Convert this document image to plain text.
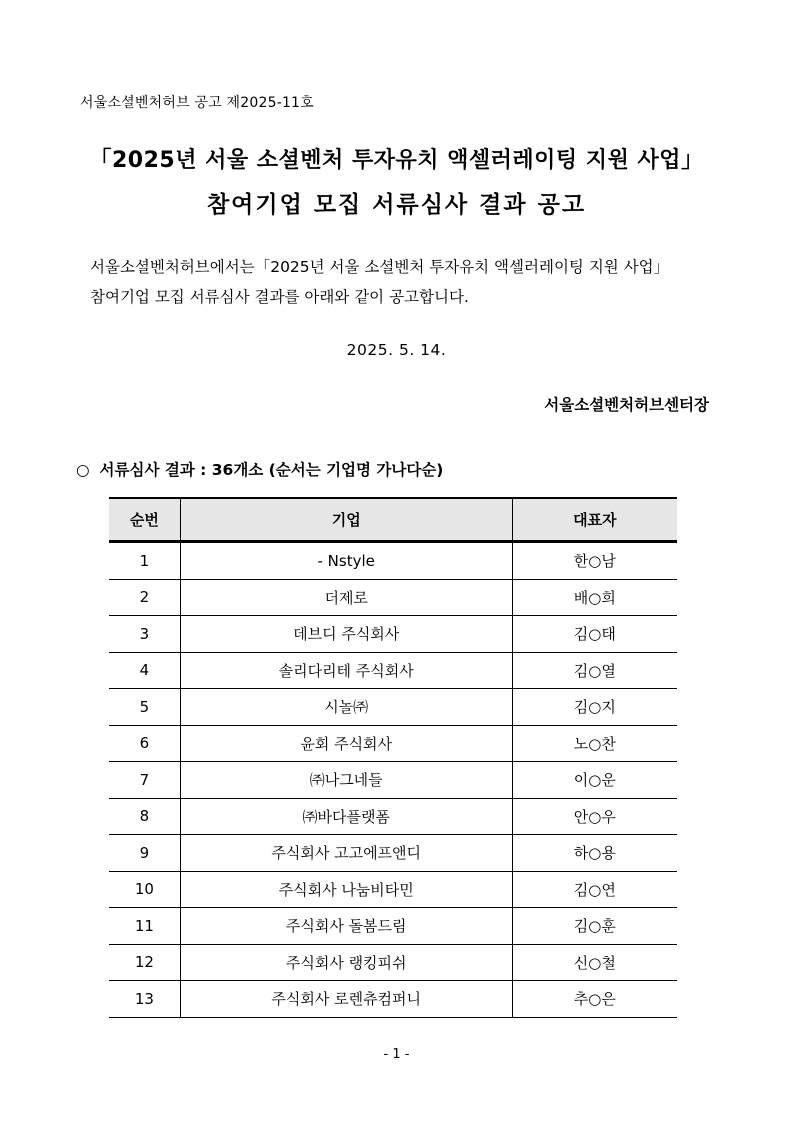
서울소셜벤처허브 공고 제2025-11호
「2025년 서울 소셜벤처 투자유치 액셀러레이팅 지원 사업」
참여기업 모집 서류심사 결과 공고

서울소셜벤처허브에서는「2025년 서울 소셜벤처 투자유치 액셀러레이팅 지원 사업」

참여기업 모집 서류심사 결과를 아래와 같이 공고합니다.

2025. 5. 14.
서울소셜벤처허브센터장
○ 서류심사 결과 : 36개소 (순서는 기업명 가나다순)
순번	기업	대표자
1	- Nstyle	한○남
2	더제로	배○희
3	데브디 주식회사	김○태
4	솔리다리테 주식회사	김○열
5	시놀㈜	김○지
6	윤회 주식회사	노○찬
7	㈜나그네들	이○운
8	㈜바다플랫폼	안○우
9	주식회사 고고에프앤디	하○용
10	주식회사 나눔비타민	김○연
11	주식회사 돌봄드림	김○훈
12	주식회사 랭킹피쉬	신○철
13	주식회사 로렌츄컴퍼니	추○은
- 1 -
